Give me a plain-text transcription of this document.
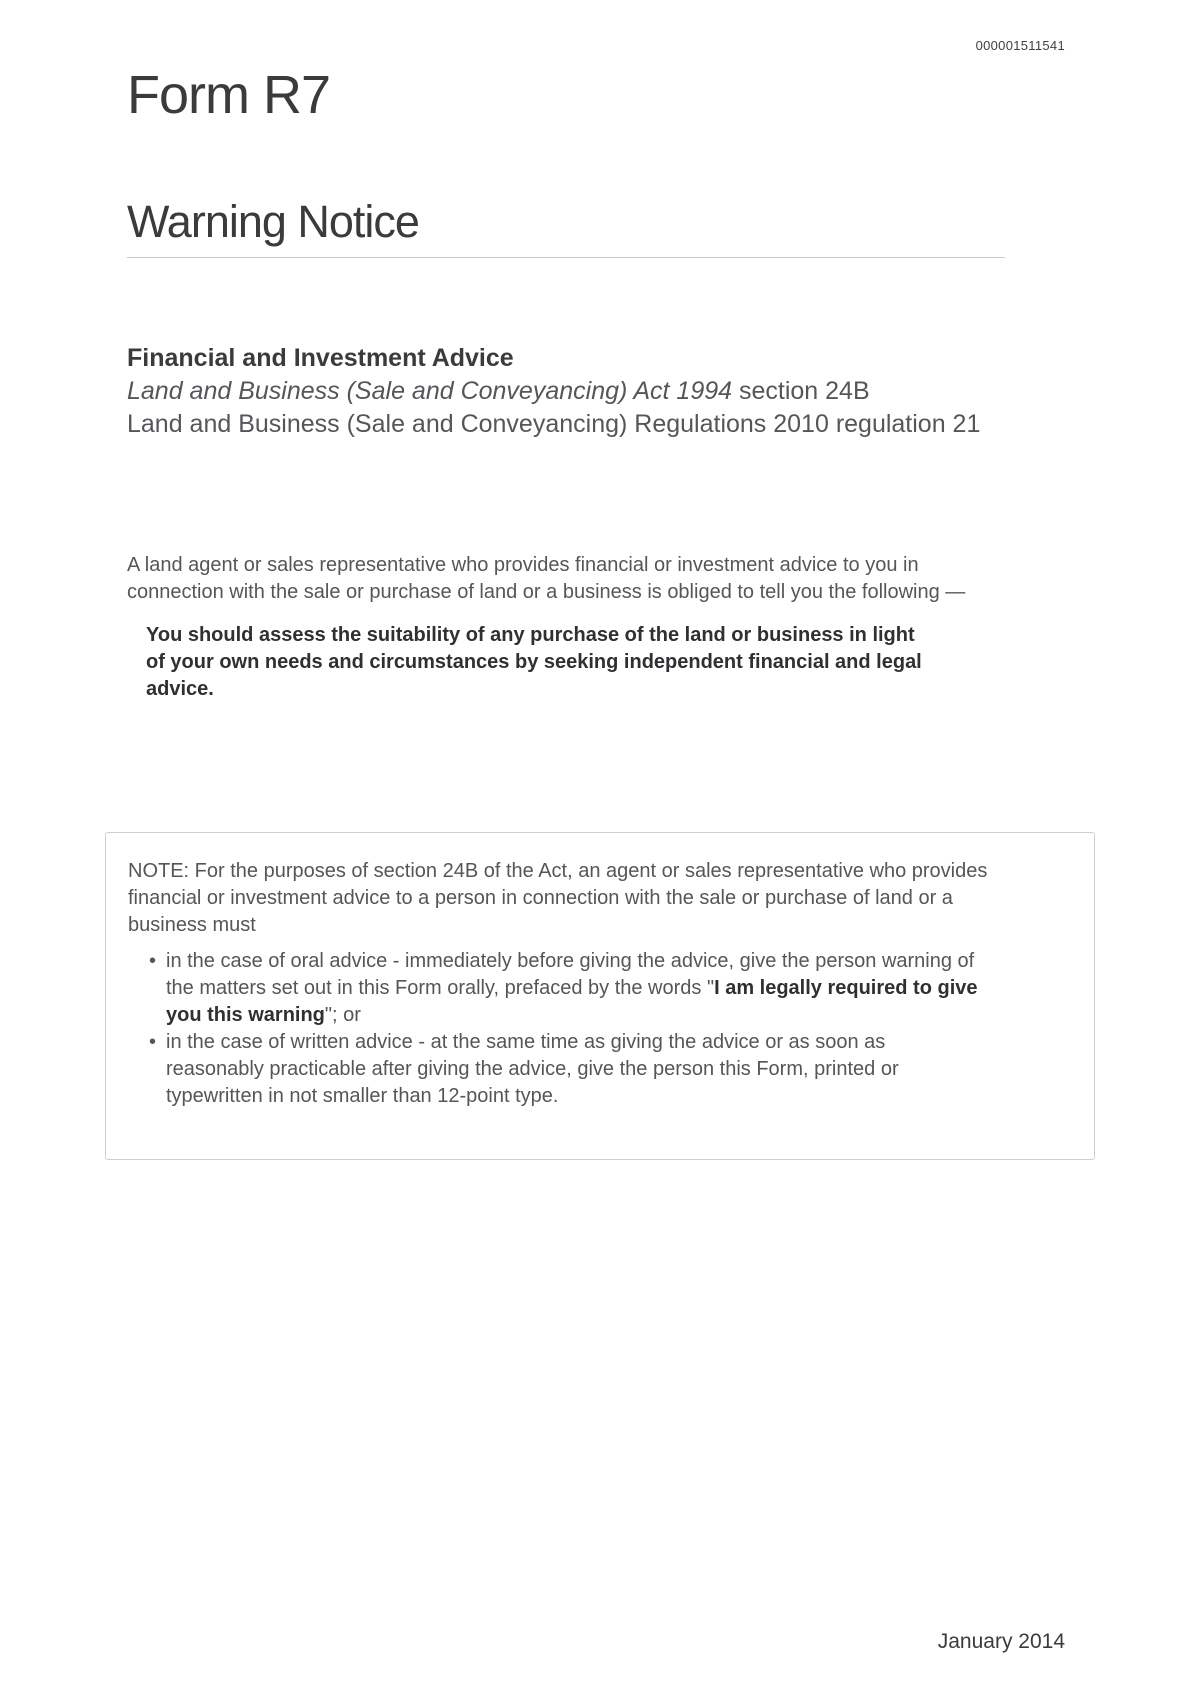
000001511541
Form R7
Warning Notice
Financial and Investment Advice
Land and Business (Sale and Conveyancing) Act 1994 section 24B
Land and Business (Sale and Conveyancing) Regulations 2010 regulation 21

A land agent or sales representative who provides financial or investment advice to you in connection with the sale or purchase of land or a business is obliged to tell you the following —

You should assess the suitability of any purchase of the land or business in light of your own needs and circumstances by seeking independent financial and legal advice.

NOTE: For the purposes of section 24B of the Act, an agent or sales representative who provides financial or investment advice to a person in connection with the sale or purchase of land or a business must

• in the case of oral advice - immediately before giving the advice, give the person warning of the matters set out in this Form orally, prefaced by the words "I am legally required to give you this warning"; or
• in the case of written advice - at the same time as giving the advice or as soon as reasonably practicable after giving the advice, give the person this Form, printed or typewritten in not smaller than 12-point type.
January 2014
